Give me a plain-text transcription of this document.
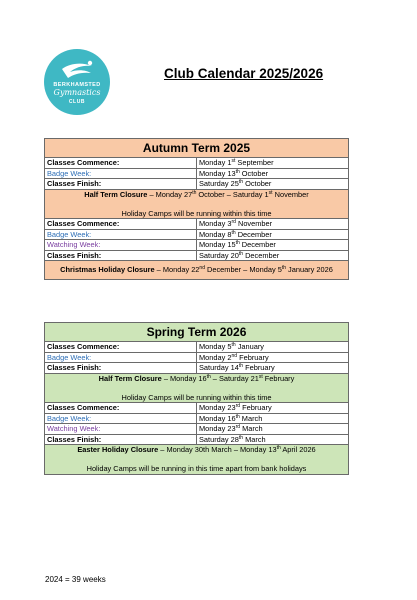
BERKHAMSTED
Gymnastics
CLUB
Club Calendar 2025/2026
Autumn Term 2025	
Classes Commence:	Monday 1st September
Badge Week:	Monday 13th October
Classes Finish:	Saturday 25th October

Half Term Closure – Monday 27th October – Saturday 1st November
Holiday Camps will be running within this time	

Classes Commence:	Monday 3rd November
Badge Week:	Monday 8th December
Watching Week:	Monday 15th December
Classes Finish:	Saturday 20th December

Christmas Holiday Closure – Monday 22nd December – Monday 5th January 2026	
Spring Term 2026	
Classes Commence:	Monday 5th January
Badge Week:	Monday 2nd February
Classes Finish:	Saturday 14th February

Half Term Closure – Monday 16th – Saturday 21st February
Holiday Camps will be running within this time	

Classes Commence:	Monday 23rd February
Badge Week:	Monday 16th March
Watching Week:	Monday 23rd March
Classes Finish:	Saturday 28th March

Easter Holiday Closure – Monday 30th March – Monday 13th April 2026
Holiday Camps will be running in this time apart from bank holidays	
2024 = 39 weeks
